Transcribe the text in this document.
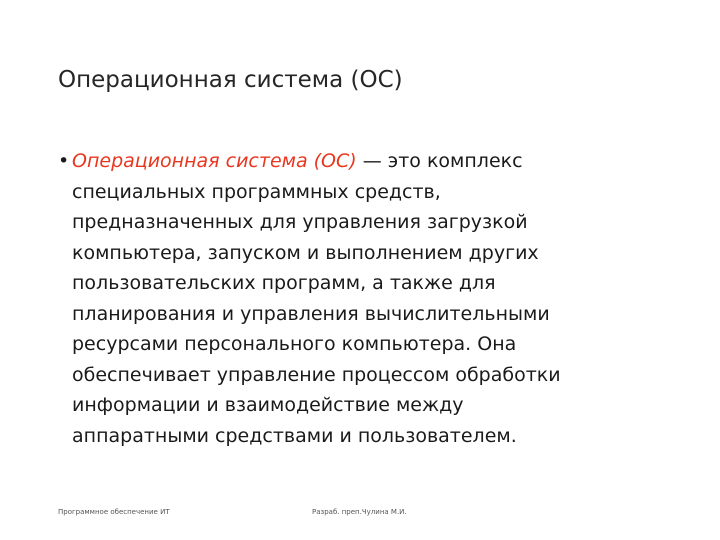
Операционная система (ОС)
• Операционная система (ОС) — это комплекс
специальных программных средств,
предназначенных для управления загрузкой
компьютера, запуском и выполнением других
пользовательских программ, а также для
планирования и управления вычислительными
ресурсами персонального компьютера. Она
обеспечивает управление процессом обработки
информации и взаимодействие между
аппаратными средствами и пользователем.
Программное обеспечение ИТ	Разраб. преп.Чулина М.И.
